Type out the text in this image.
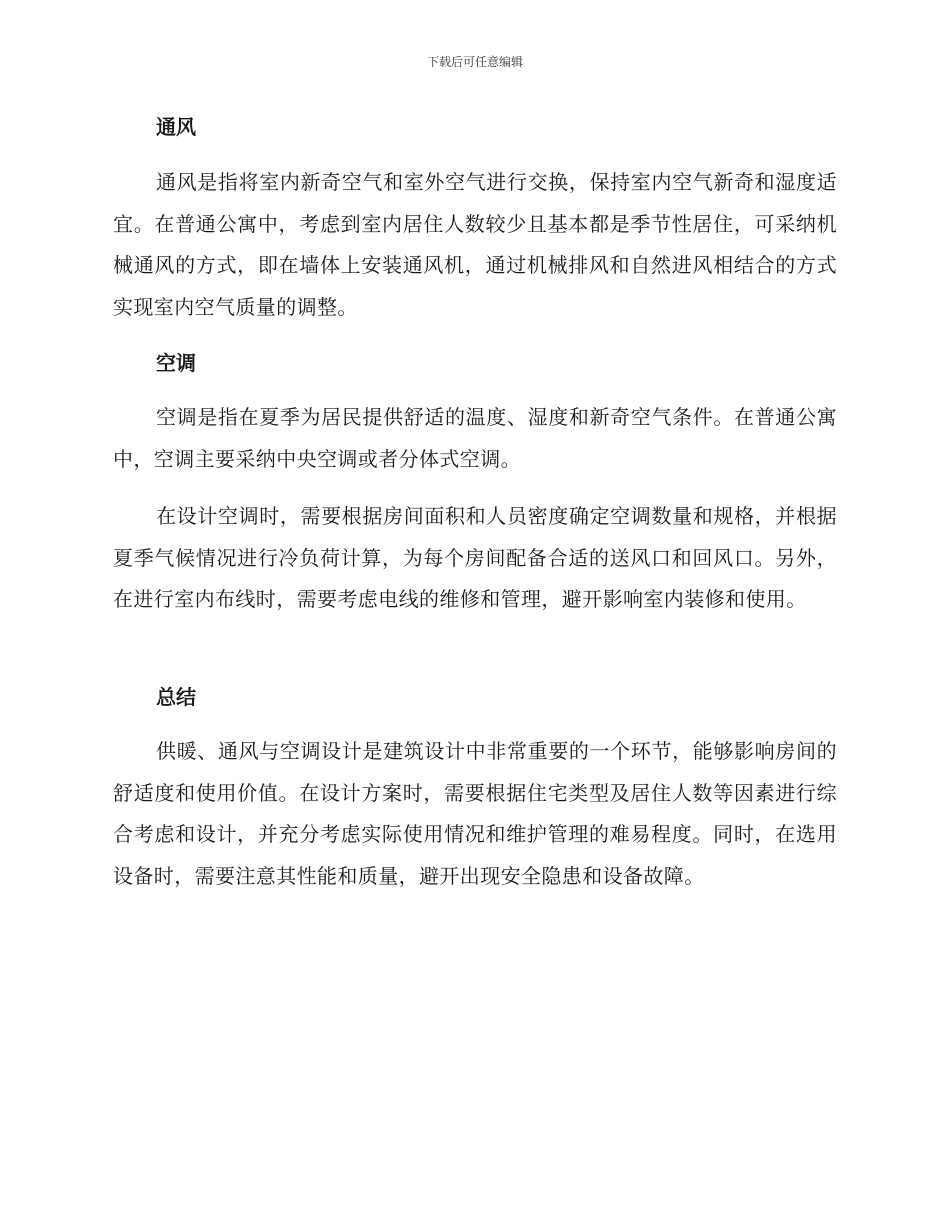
下载后可任意编辑
通风

通风是指将室内新奇空气和室外空气进行交换，保持室内空气新奇和湿度适宜。在普通公寓中，考虑到室内居住人数较少且基本都是季节性居住，可采纳机械通风的方式，即在墙体上安装通风机，通过机械排风和自然进风相结合的方式实现室内空气质量的调整。

空调

空调是指在夏季为居民提供舒适的温度、湿度和新奇空气条件。在普通公寓中，空调主要采纳中央空调或者分体式空调。

在设计空调时，需要根据房间面积和人员密度确定空调数量和规格，并根据夏季气候情况进行冷负荷计算，为每个房间配备合适的送风口和回风口。另外，在进行室内布线时，需要考虑电线的维修和管理，避开影响室内装修和使用。

总结

供暖、通风与空调设计是建筑设计中非常重要的一个环节，能够影响房间的舒适度和使用价值。在设计方案时，需要根据住宅类型及居住人数等因素进行综合考虑和设计，并充分考虑实际使用情况和维护管理的难易程度。同时，在选用设备时，需要注意其性能和质量，避开出现安全隐患和设备故障。
